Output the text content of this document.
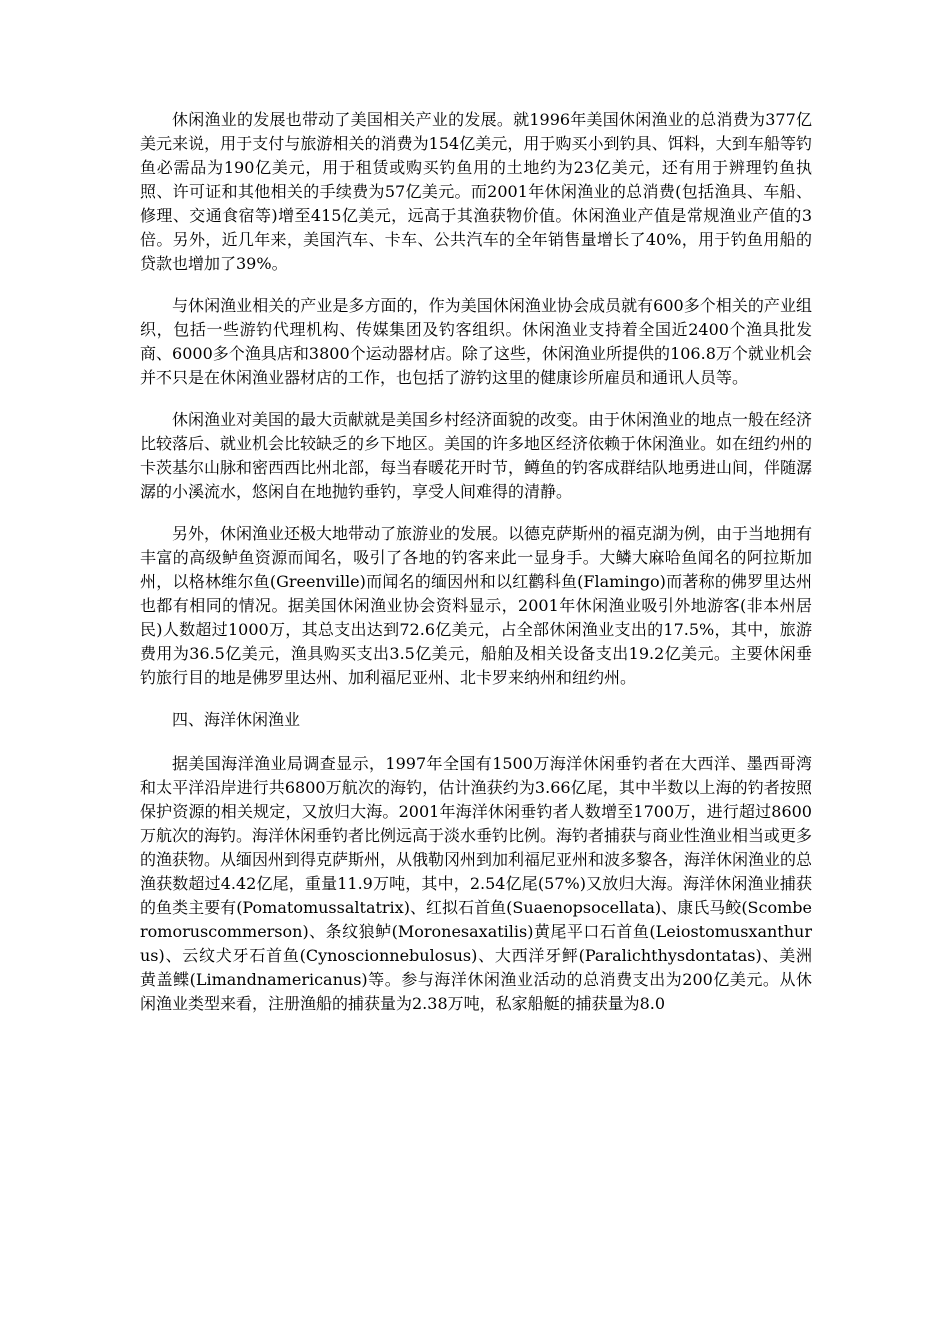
休闲渔业的发展也带动了美国相关产业的发展。就1996年美国休闲渔业的总消费为377亿美元来说，用于支付与旅游相关的消费为154亿美元，用于购买小到钓具、饵料，大到车船等钓鱼必需品为190亿美元，用于租赁或购买钓鱼用的土地约为23亿美元，还有用于辨理钓鱼执照、许可证和其他相关的手续费为57亿美元。而2001年休闲渔业的总消费(包括渔具、车船、修理、交通食宿等)增至415亿美元，远高于其渔获物价值。休闲渔业产值是常规渔业产值的3倍。另外，近几年来，美国汽车、卡车、公共汽车的全年销售量增长了40%，用于钓鱼用船的贷款也增加了39%。

与休闲渔业相关的产业是多方面的，作为美国休闲渔业协会成员就有600多个相关的产业组织，包括一些游钓代理机构、传媒集团及钓客组织。休闲渔业支持着全国近2400个渔具批发商、6000多个渔具店和3800个运动器材店。除了这些，休闲渔业所提供的106.8万个就业机会并不只是在休闲渔业器材店的工作，也包括了游钓这里的健康诊所雇员和通讯人员等。

休闲渔业对美国的最大贡献就是美国乡村经济面貌的改变。由于休闲渔业的地点一般在经济比较落后、就业机会比较缺乏的乡下地区。美国的许多地区经济依赖于休闲渔业。如在纽约州的卡茨基尔山脉和密西西比州北部，每当春暖花开时节，鳟鱼的钓客成群结队地勇进山间，伴随潺潺的小溪流水，悠闲自在地抛钓垂钓，享受人间难得的清静。

另外，休闲渔业还极大地带动了旅游业的发展。以德克萨斯州的福克湖为例，由于当地拥有丰富的高级鲈鱼资源而闻名，吸引了各地的钓客来此一显身手。大鳞大麻哈鱼闻名的阿拉斯加州，以格林维尔鱼(Greenville)而闻名的缅因州和以红鹳科鱼(Flamingo)而著称的佛罗里达州也都有相同的情况。据美国休闲渔业协会资料显示，2001年休闲渔业吸引外地游客(非本州居民)人数超过1000万，其总支出达到72.6亿美元，占全部休闲渔业支出的17.5%，其中，旅游费用为36.5亿美元，渔具购买支出3.5亿美元，船舶及相关设备支出19.2亿美元。主要休闲垂钓旅行目的地是佛罗里达州、加利福尼亚州、北卡罗来纳州和纽约州。

四、海洋休闲渔业

据美国海洋渔业局调查显示，1997年全国有1500万海洋休闲垂钓者在大西洋、墨西哥湾和太平洋沿岸进行共6800万航次的海钓，估计渔获约为3.66亿尾，其中半数以上海的钓者按照保护资源的相关规定，又放归大海。2001年海洋休闲垂钓者人数增至1700万，进行超过8600万航次的海钓。海洋休闲垂钓者比例远高于淡水垂钓比例。海钓者捕获与商业性渔业相当或更多的渔获物。从缅因州到得克萨斯州，从俄勒冈州到加利福尼亚州和波多黎各，海洋休闲渔业的总渔获数超过4.42亿尾，重量11.9万吨，其中，2.54亿尾(57%)又放归大海。海洋休闲渔业捕获的鱼类主要有(Pomatomussaltatrix)、红拟石首鱼(Suaenopsocellata)、康氏马鲛(Scomberomoruscommerson)、条纹狼鲈(Moronesaxatilis)黄尾平口石首鱼(Leiostomusxanthurus)、云纹犬牙石首鱼(Cynoscionnebulosus)、大西洋牙鲆(Paralichthysdontatas)、美洲黄盖鲽(Limandnamericanus)等。参与海洋休闲渔业活动的总消费支出为200亿美元。从休闲渔业类型来看，注册渔船的捕获量为2.38万吨，私家船艇的捕获量为8.0
